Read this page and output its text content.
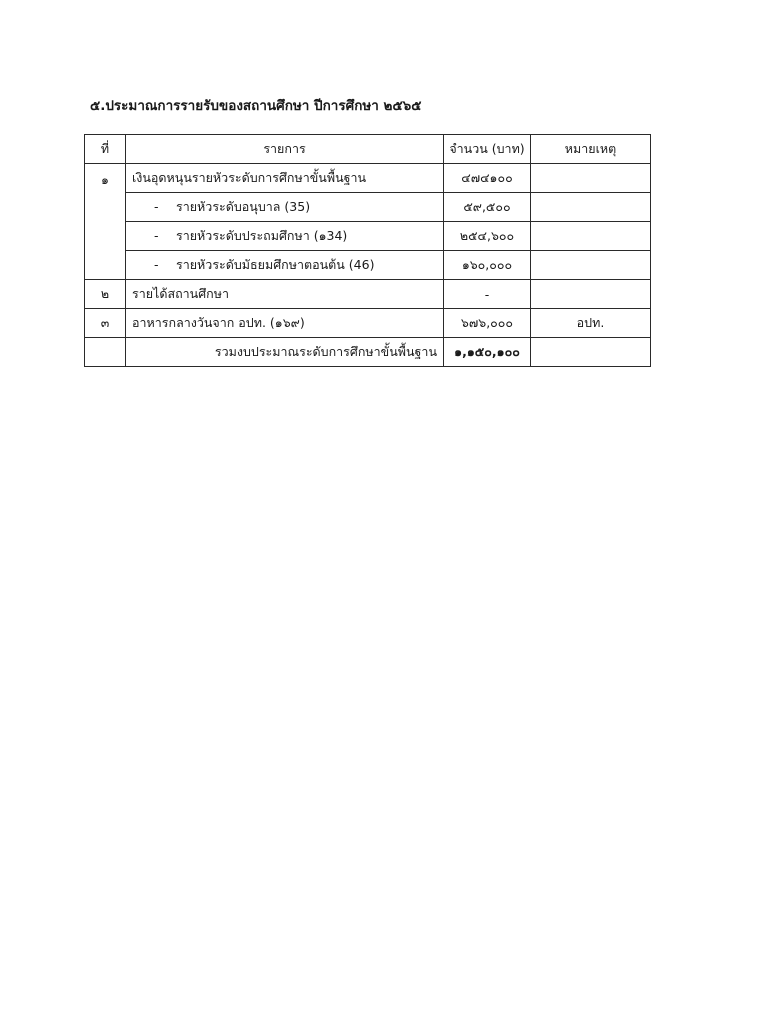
๕.ประมาณการรายรับของสถานศึกษา ปีการศึกษา ๒๕๖๕
ที่	รายการ	จำนวน (บาท)	หมายเหตุ
๑	เงินอุดหนุนรายหัวระดับการศึกษาขั้นพื้นฐาน	๔๗๔๑๐๐	
	- รายหัวระดับอนุบาล (35)	๕๙,๕๐๐	
	- รายหัวระดับประถมศึกษา (๑34)	๒๕๔,๖๐๐	
	- รายหัวระดับมัธยมศึกษาตอนต้น (46)	๑๖๐,๐๐๐	
๒	รายได้สถานศึกษา	-	
๓	อาหารกลางวันจาก อปท. (๑๖๙)	๖๗๖,๐๐๐	อปท.
	รวมงบประมาณระดับการศึกษาขั้นพื้นฐาน	๑,๑๕๐,๑๐๐	
